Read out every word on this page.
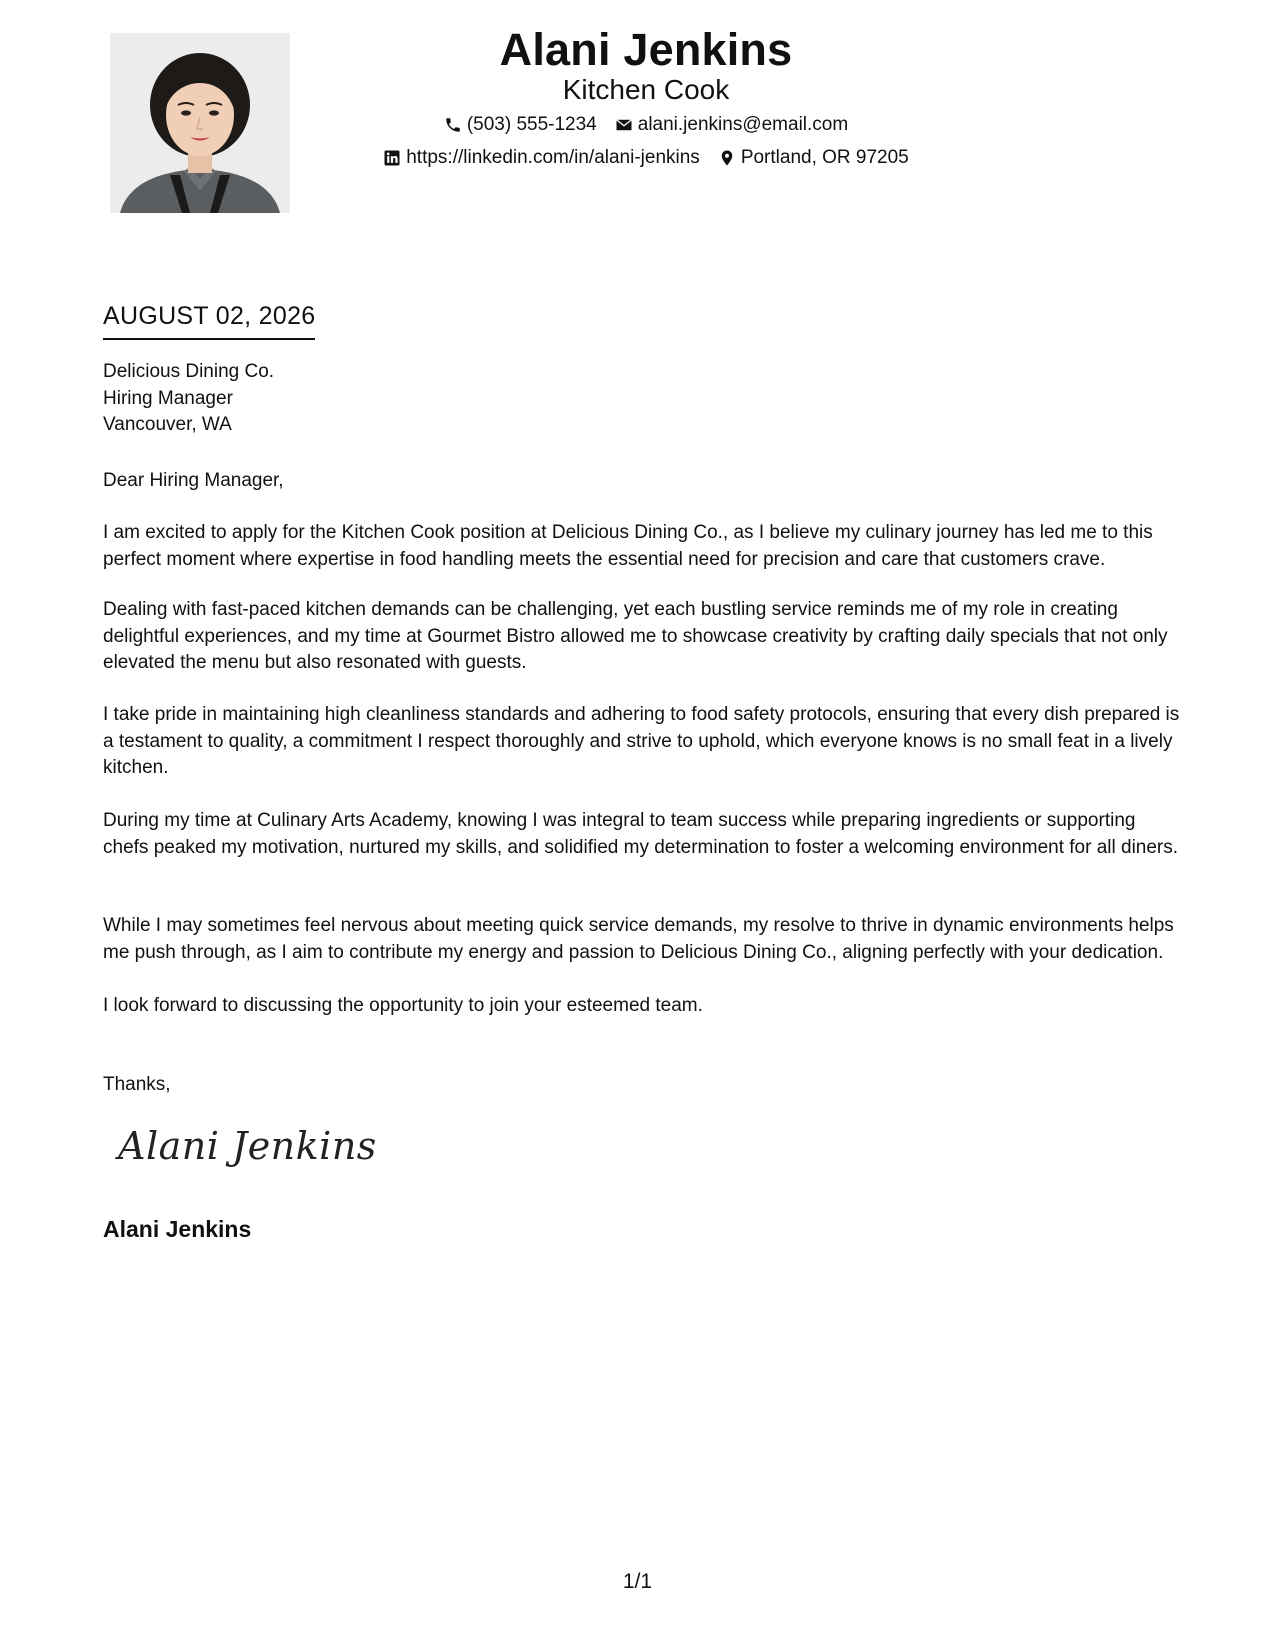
Alani Jenkins
Kitchen Cook
(503) 555-1234 alani.jenkins@email.com
https://linkedin.com/in/alani-jenkins Portland, OR 97205
AUGUST 02, 2026
Delicious Dining Co.
Hiring Manager
Vancouver, WA
Dear Hiring Manager,

I am excited to apply for the Kitchen Cook position at Delicious Dining Co., as I believe my culinary journey has led me to this perfect moment where expertise in food handling meets the essential need for precision and care that customers crave.

Dealing with fast-paced kitchen demands can be challenging, yet each bustling service reminds me of my role in creating delightful experiences, and my time at Gourmet Bistro allowed me to showcase creativity by crafting daily specials that not only elevated the menu but also resonated with guests.

I take pride in maintaining high cleanliness standards and adhering to food safety protocols, ensuring that every dish prepared is a testament to quality, a commitment I respect thoroughly and strive to uphold, which everyone knows is no small feat in a lively kitchen.

During my time at Culinary Arts Academy, knowing I was integral to team success while preparing ingredients or supporting chefs peaked my motivation, nurtured my skills, and solidified my determination to foster a welcoming environment for all diners.

While I may sometimes feel nervous about meeting quick service demands, my resolve to thrive in dynamic environments helps me push through, as I aim to contribute my energy and passion to Delicious Dining Co., aligning perfectly with your dedication.

I look forward to discussing the opportunity to join your esteemed team.

Thanks,
Alani Jenkins
Alani Jenkins
1/1
